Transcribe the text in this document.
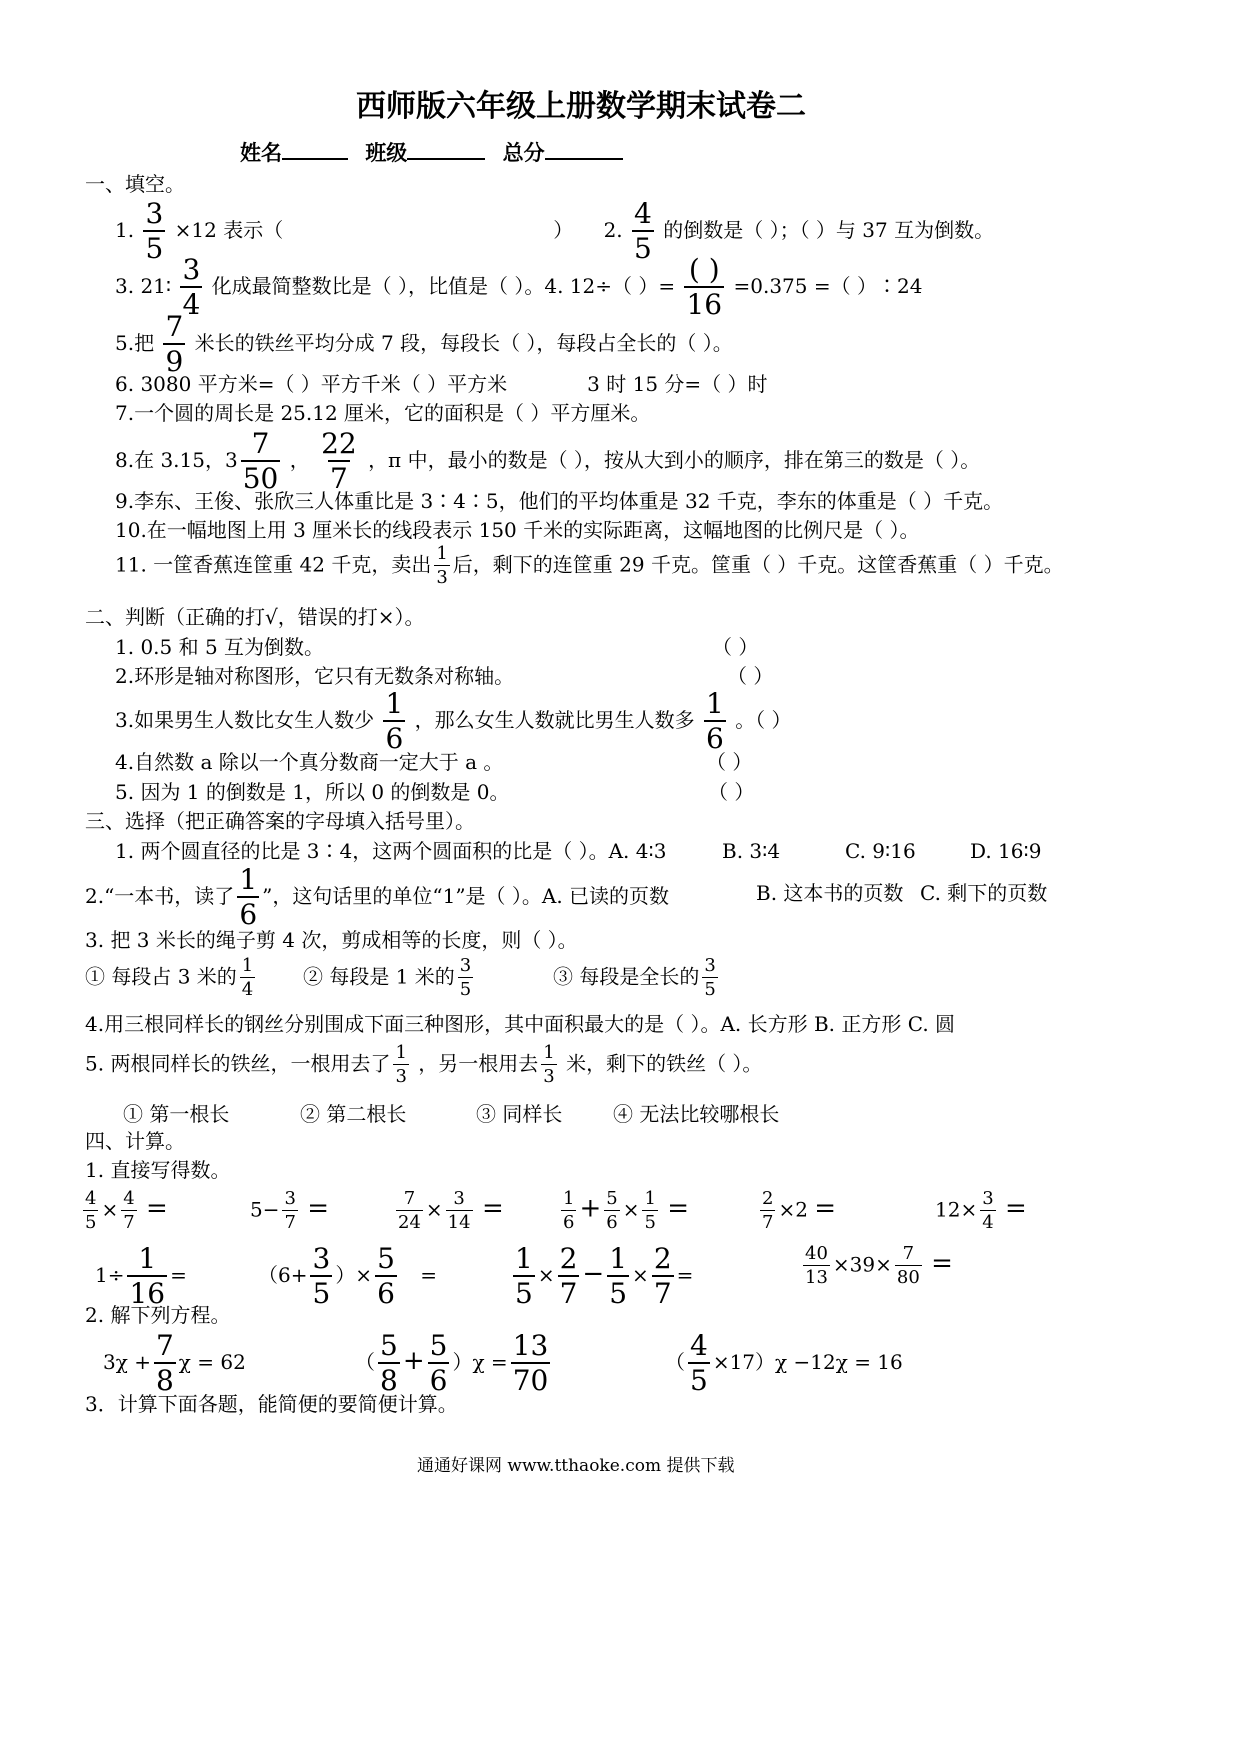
西师版六年级上册数学期末试卷二
姓名	班级	总分
一、填空。
1. $\frac{3}{5} \times 12$ 表示（	） 2. $\frac{4}{5}$ 的倒数是（ ）；（ ）与 37 互为倒数。
3. 21∶ $\frac{3}{4}$ 化成最简整数比是（ ），比值是（ ）。4. 12÷（ ）= ( )
16
=0.375 =（ ）∶24
5.把 $\frac{7}{9}$ 米长的铁丝平均分成 7 段，每段长（ ），每段占全长的（ ）。
6. 3080 平方米=（ ）平方千米（ ）平方米	3 时 15 分=（ ）时
7.一个圆的周长是 25.12 厘米，它的面积是（ ）平方厘米。
8.在 3.15，$3 \frac{7}{50}$ ， $\frac{22}{7}$ ，π 中，最小的数是（ ），按从大到小的顺序，排在第三的数是（ ）。
9.李东、王俊、张欣三人体重比是 3∶4∶5，他们的平均体重是 32 千克，李东的体重是（ ）千克。
10.在一幅地图上用 3 厘米长的线段表示 150 千米的实际距离，这幅地图的比例尺是（ ）。
11. 一筐香蕉连筐重 42 千克，卖出 $\frac{1}{3}$ 后，剩下的连筐重 29 千克。筐重（ ）千克。这筐香蕉重（ ）千克。
二、判断（正确的打√，错误的打×）。
1. 0.5 和 5 互为倒数。	（ ）
2.环形是轴对称图形，它只有无数条对称轴。	（ ）
3.如果男生人数比女生人数少 $\frac{1}{6}$ ，那么女生人数就比男生人数多 $\frac{1}{6}$ 。（ ）
4.自然数 a 除以一个真分数商一定大于 a 。	（ ）
5. 因为 1 的倒数是 1，所以 0 的倒数是 0。	（ ）
三、选择（把正确答案的字母填入括号里）。
1. 两个圆直径的比是 3∶4，这两个圆面积的比是（ ）。A. 4∶3	B. 3∶4	C. 9∶16	D. 16∶9
2.“一本书，读了 $\frac{1}{6}$ ”，这句话里的单位“1”是（ ）。A. 已读的页数	B. 这本书的页数 C. 剩下的页数
3. 把 3 米长的绳子剪 4 次，剪成相等的长度，则（ ）。
① 每段占 3 米的 $\frac{1}{4}$ ② 每段是 1 米的 $\frac{3}{5}$	③ 每段是全长的 $\frac{3}{5}$
4.用三根同样长的钢丝分别围成下面三种图形，其中面积最大的是（ ）。A. 长方形 B. 正方形 C. 圆
5. 两根同样长的铁丝，一根用去了 $\frac{1}{3}$ ，另一根用去 $\frac{1}{3}$ 米，剩下的铁丝（ ）。
① 第一根长	② 第二根长	③ 同样长	④ 无法比较哪根长
四、计算。
1. 直接写得数。
$\frac{4}{5} \times \frac{4}{7}$ =	$5- \frac{3}{7}$ =	$\frac{7}{24} \times \frac{3}{14}$ =	$\frac{1}{6} + \frac{5}{6} \times \frac{1}{5}$ =	$\frac{2}{7} \times 2$ =	$12\times \frac{3}{4}$ =
$1\div \frac{1}{16}$ =	（$6+ \frac{3}{5}$ ）× $\frac{5}{6}$ =	$\frac{1}{5} \times \frac{2}{7} - \frac{1}{5} \times \frac{2}{7}$ =	$\frac{40}{13} \times 39\times \frac{7}{80}$ =
2. 解下列方程。
$3\chi + \frac{7}{8}$ χ = 62	（ $\frac{5}{8} + \frac{5}{6} )\chi = \frac{13}{70}$	（ $\frac{4}{5} \times 17)\chi -12\chi = 16$
3．计算下面各题，能简便的要简便计算。
通通好课网 www.tthaoke.com 提供下载
